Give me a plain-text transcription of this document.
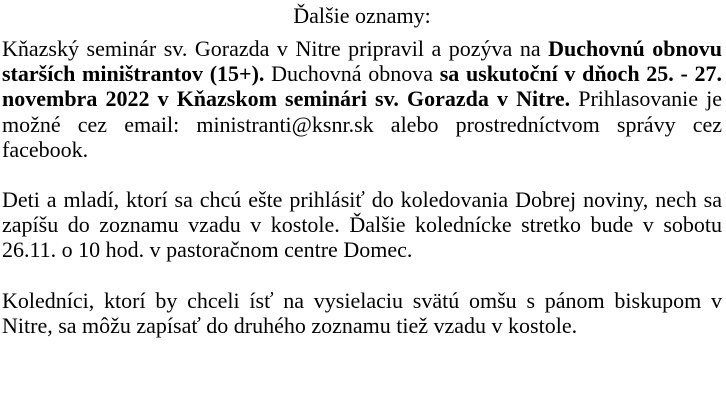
Ďalšie oznamy:

Kňazský seminár sv. Gorazda v Nitre pripravil a pozýva na Duchovnú obnovu starších miništrantov (15+). Duchovná obnova sa uskutoční v dňoch 25. - 27. novembra 2022 v Kňazskom seminári sv. Gorazda v Nitre. Prihlasovanie je možné cez email: ministranti@ksnr.sk alebo prostredníctvom správy cez facebook.

Deti a mladí, ktorí sa chcú ešte prihlásiť do koledovania Dobrej noviny, nech sa zapíšu do zoznamu vzadu v kostole. Ďalšie kolednícke stretko bude v sobotu 26.11. o 10 hod. v pastoračnom centre Domec.

Koledníci, ktorí by chceli ísť na vysielaciu svätú omšu s pánom biskupom v Nitre, sa môžu zapísať do druhého zoznamu tiež vzadu v kostole.
